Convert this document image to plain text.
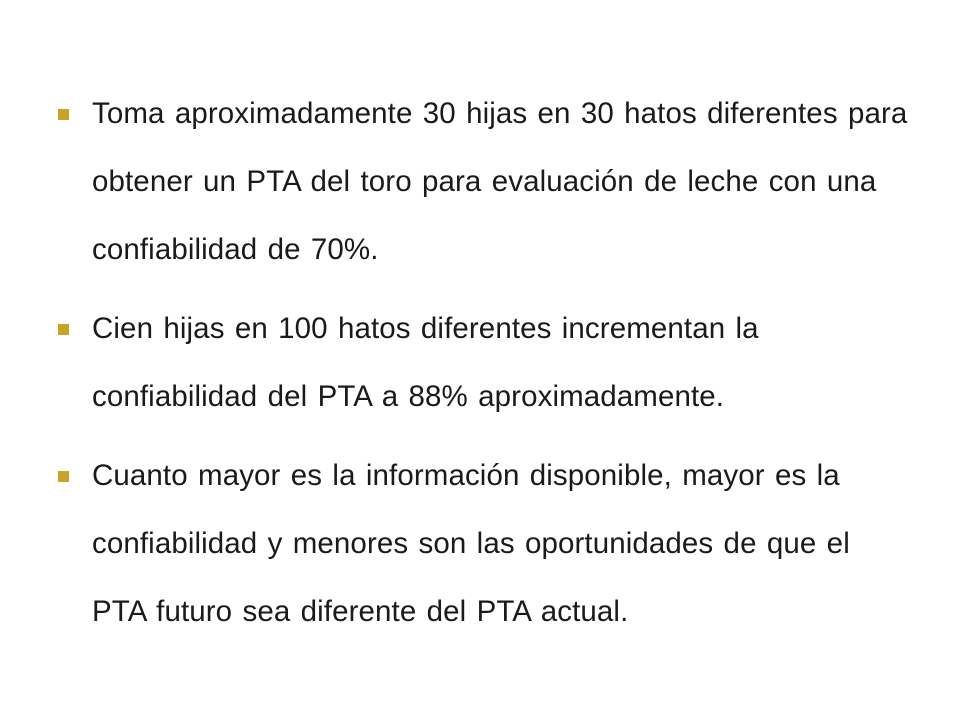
Toma aproximadamente 30 hijas en 30 hatos diferentes para obtener un PTA del toro para evaluación de leche con una confiabilidad de 70%.
Cien hijas en 100 hatos diferentes incrementan la confiabilidad del PTA a 88% aproximadamente.
Cuanto mayor es la información disponible, mayor es la confiabilidad y menores son las oportunidades de que el PTA futuro sea diferente del PTA actual.
